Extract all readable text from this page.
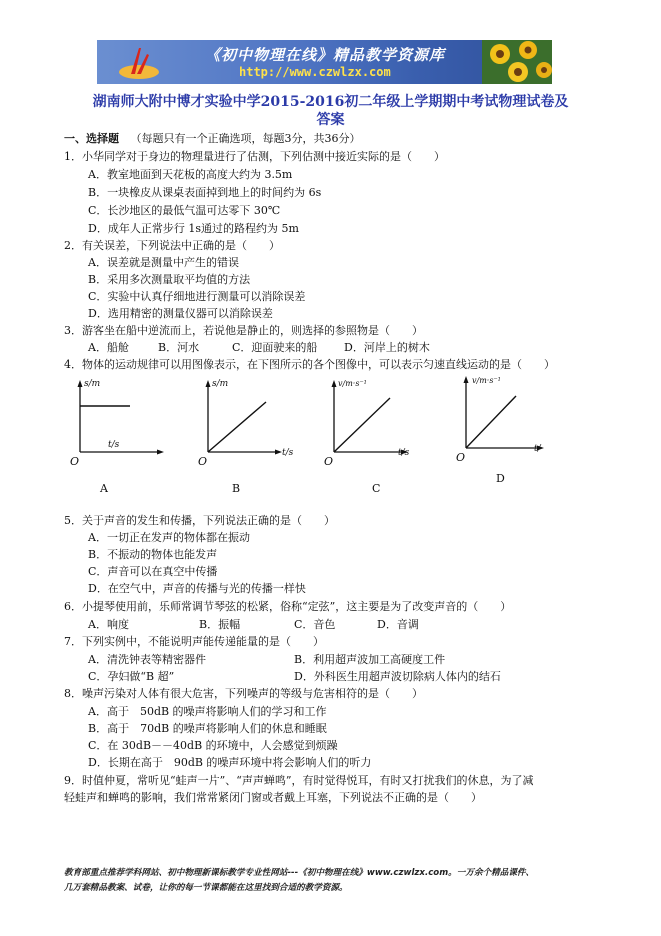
《初中物理在线》精品教学资源库
http://www.czwlzx.com
湖南师大附中博才实验中学2015-2016初二年级上学期期中考试物理试卷及
答案
一、选择题 （每题只有一个正确选项，每题3分，共36分）
1．小华同学对于身边的物理量进行了估测，下列估测中接近实际的是（　　）
A．教室地面到天花板的高度大约为 3.5m
B．一块橡皮从课桌表面掉到地上的时间约为 6s
C．长沙地区的最低气温可达零下 30℃
D．成年人正常步行 1s通过的路程约为 5m
2．有关误差，下列说法中正确的是（　　）
A．误差就是测量中产生的错误
B．采用多次测量取平均值的方法
C．实验中认真仔细地进行测量可以消除误差
D．选用精密的测量仪器可以消除误差
3．游客坐在船中逆流而上，若说他是静止的，则选择的参照物是（　　）
A．船舱	B．河水	C．迎面驶来的船 D．河岸上的树木
4．物体的运动规律可以用图像表示，在下图所示的各个图像中，可以表示匀速直线运动的是（　　）
s/m
O
t/s
A
s/m
O
t/s
B
v/m·s⁻¹
O
t/s
C
v/m·s⁻¹
O
t/
D
5．关于声音的发生和传播，下列说法正确的是（　　）
A．一切正在发声的物体都在振动
B．不振动的物体也能发声
C．声音可以在真空中传播
D．在空气中，声音的传播与光的传播一样快
6．小提琴使用前，乐师常调节琴弦的松紧，俗称“定弦”，这主要是为了改变声音的（　　）
A．响度	B．振幅	C．音色	D．音调
7．下列实例中，不能说明声能传递能量的是（　　）
A．清洗钟表等精密器件	B．利用超声波加工高硬度工件
C．孕妇做“B 超”	D．外科医生用超声波切除病人体内的结石
8．噪声污染对人体有很大危害，下列噪声的等级与危害相符的是（　　）
A．高于　50dB 的噪声将影响人们的学习和工作
B．高于　70dB 的噪声将影响人们的休息和睡眠
C．在 30dB－－40dB 的环境中，人会感觉到烦躁
D．长期在高于　90dB 的噪声环境中将会影响人们的听力
9．时值仲夏，常听见“蛙声一片”、“声声蝉鸣”，有时觉得悦耳，有时又打扰我们的休息，为了减
轻蛙声和蝉鸣的影响，我们常常紧闭门窗或者戴上耳塞，下列说法不正确的是（　　）
教育部重点推荐学科网站、初中物理新课标教学专业性网站---《初中物理在线》www.czwlzx.com。一万余个精品课件、
几万套精品教案、试卷，让你的每一节课都能在这里找到合适的教学资源。
